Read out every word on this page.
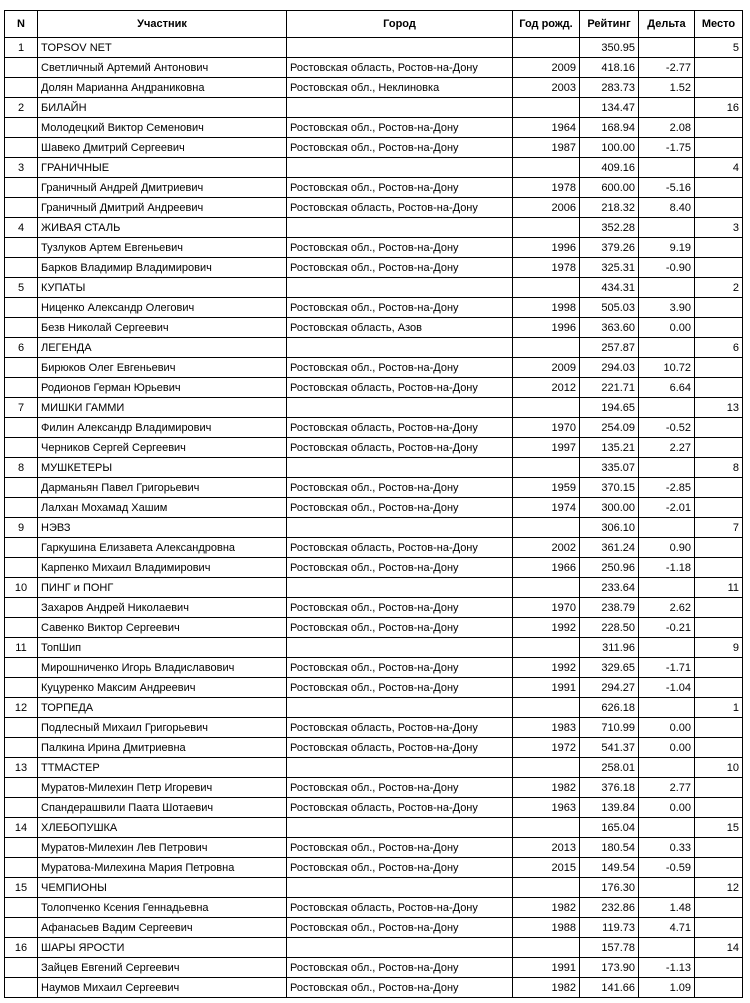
N	Участник	Город	Год рожд.	Рейтинг	Дельта	Место
1	TOPSOV NET			350.95		5
	Светличный Артемий Антонович	Ростовская область, Ростов-на-Дону	2009	418.16	-2.77	
	Долян Марианна Андраниковна	Ростовская обл., Неклиновка	2003	283.73	1.52	
2	БИЛАЙН			134.47		16
	Молодецкий Виктор Семенович	Ростовская обл., Ростов-на-Дону	1964	168.94	2.08	
	Шавеко Дмитрий Сергеевич	Ростовская обл., Ростов-на-Дону	1987	100.00	-1.75	
3	ГРАНИЧНЫЕ			409.16		4
	Граничный Андрей Дмитриевич	Ростовская обл., Ростов-на-Дону	1978	600.00	-5.16	
	Граничный Дмитрий Андреевич	Ростовская область, Ростов-на-Дону	2006	218.32	8.40	
4	ЖИВАЯ СТАЛЬ			352.28		3
	Тузлуков Артем Евгеньевич	Ростовская обл., Ростов-на-Дону	1996	379.26	9.19	
	Барков Владимир Владимирович	Ростовская обл., Ростов-на-Дону	1978	325.31	-0.90	
5	КУПАТЫ			434.31		2
	Ниценко Александр Олегович	Ростовская обл., Ростов-на-Дону	1998	505.03	3.90	
	Безв Николай Сергеевич	Ростовская область, Азов	1996	363.60	0.00	
6	ЛЕГЕНДА			257.87		6
	Бирюков Олег Евгеньевич	Ростовская обл., Ростов-на-Дону	2009	294.03	10.72	
	Родионов Герман Юрьевич	Ростовская область, Ростов-на-Дону	2012	221.71	6.64	
7	МИШКИ ГАММИ			194.65		13
	Филин Александр Владимирович	Ростовская область, Ростов-на-Дону	1970	254.09	-0.52	
	Черников Сергей Сергеевич	Ростовская область, Ростов-на-Дону	1997	135.21	2.27	
8	МУШКЕТЕРЫ			335.07		8
	Дарманьян Павел Григорьевич	Ростовская обл., Ростов-на-Дону	1959	370.15	-2.85	
	Лалхан Мохамад Хашим	Ростовская обл., Ростов-на-Дону	1974	300.00	-2.01	
9	НЭВЗ			306.10		7
	Гаркушина Елизавета Александровна	Ростовская область, Ростов-на-Дону	2002	361.24	0.90	
	Карпенко Михаил Владимирович	Ростовская обл., Ростов-на-Дону	1966	250.96	-1.18	
10	ПИНГ и ПОНГ			233.64		11
	Захаров Андрей Николаевич	Ростовская обл., Ростов-на-Дону	1970	238.79	2.62	
	Савенко Виктор Сергеевич	Ростовская обл., Ростов-на-Дону	1992	228.50	-0.21	
11	ТопШип			311.96		9
	Мирошниченко Игорь Владиславович	Ростовская обл., Ростов-на-Дону	1992	329.65	-1.71	
	Куцуренко Максим Андреевич	Ростовская обл., Ростов-на-Дону	1991	294.27	-1.04	
12	ТОРПЕДА			626.18		1
	Подлесный Михаил Григорьевич	Ростовская область, Ростов-на-Дону	1983	710.99	0.00	
	Палкина Ирина Дмитриевна	Ростовская область, Ростов-на-Дону	1972	541.37	0.00	
13	ТТМАСТЕР			258.01		10
	Муратов-Милехин Петр Игоревич	Ростовская обл., Ростов-на-Дону	1982	376.18	2.77	
	Спандерашвили Паата Шотаевич	Ростовская область, Ростов-на-Дону	1963	139.84	0.00	
14	ХЛЕБОПУШКА			165.04		15
	Муратов-Милехин Лев Петрович	Ростовская обл., Ростов-на-Дону	2013	180.54	0.33	
	Муратова-Милехина Мария Петровна	Ростовская обл., Ростов-на-Дону	2015	149.54	-0.59	
15	ЧЕМПИОНЫ			176.30		12
	Толопченко Ксения Геннадьевна	Ростовская область, Ростов-на-Дону	1982	232.86	1.48	
	Афанасьев Вадим Сергеевич	Ростовская обл., Ростов-на-Дону	1988	119.73	4.71	
16	ШАРЫ ЯРОСТИ			157.78		14
	Зайцев Евгений Сергеевич	Ростовская обл., Ростов-на-Дону	1991	173.90	-1.13	
	Наумов Михаил Сергеевич	Ростовская обл., Ростов-на-Дону	1982	141.66	1.09	
